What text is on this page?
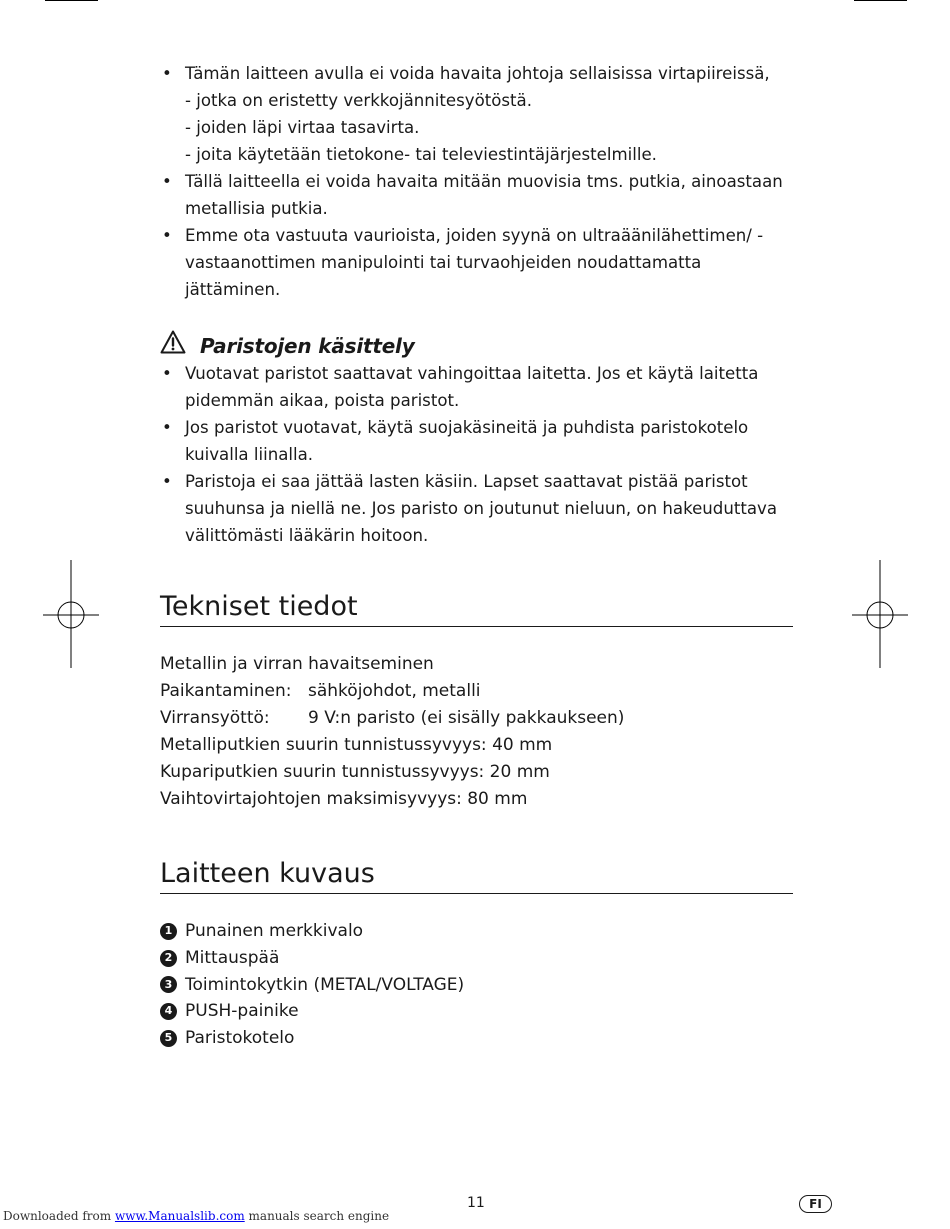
• Tämän laitteen avulla ei voida havaita johtoja sellaisissa virtapiireissä,
- jotka on eristetty verkkojännitesyötöstä.
- joiden läpi virtaa tasavirta.
- joita käytetään tietokone- tai televiestintäjärjestelmille.
• Tällä laitteella ei voida havaita mitään muovisia tms. putkia, ainoastaan metallisia putkia.
• Emme ota vastuuta vaurioista, joiden syynä on ultraäänilähettimen/ -vastaanottimen manipulointi tai turvaohjeiden noudattamatta jättäminen.
Paristojen käsittely
• Vuotavat paristot saattavat vahingoittaa laitetta. Jos et käytä laitetta pidemmän aikaa, poista paristot.
• Jos paristot vuotavat, käytä suojakäsineitä ja puhdista paristokotelo kuivalla liinalla.
• Paristoja ei saa jättää lasten käsiin. Lapset saattavat pistää paristot suuhunsa ja niellä ne. Jos paristo on joutunut nieluun, on hakeuduttava välittömästi lääkärin hoitoon.
Tekniset tiedot
Metallin ja virran havaitseminen
Paikantaminen: sähköjohdot, metalli
Virransyöttö:	9 V:n paristo (ei sisälly pakkaukseen)
Metalliputkien suurin tunnistussyvyys: 40 mm
Kupariputkien suurin tunnistussyvyys: 20 mm
Vaihtovirtajohtojen maksimisyvyys: 80 mm
Laitteen kuvaus
1 Punainen merkkivalo
2 Mittauspää
3 Toimintokytkin (METAL/VOLTAGE)
4 PUSH-painike
5 Paristokotelo
11	FI
Downloaded from www.Manualslib.com manuals search engine
